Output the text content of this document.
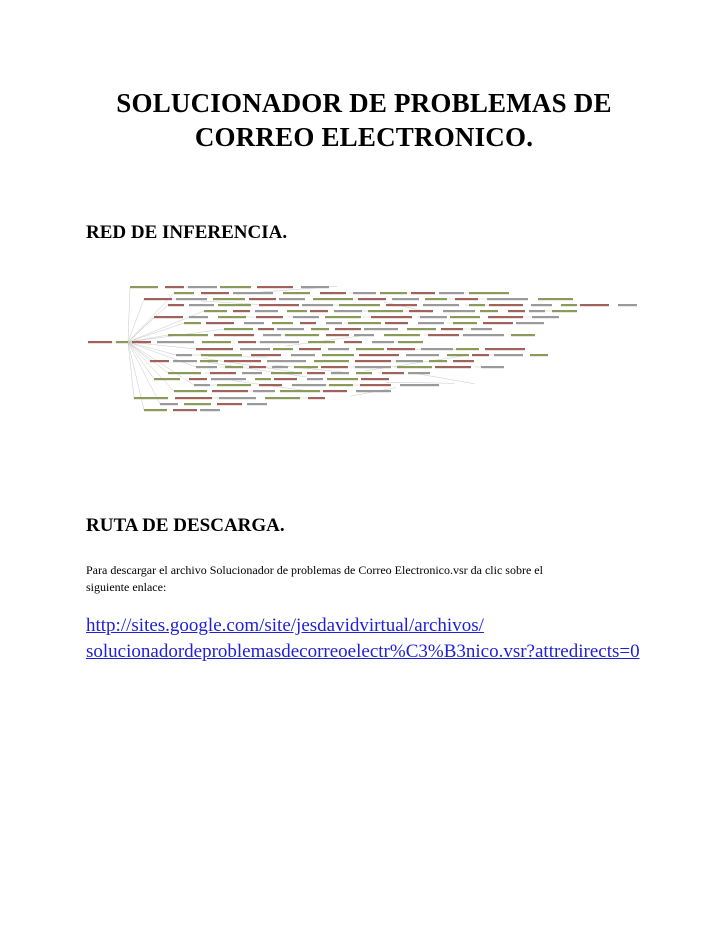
SOLUCIONADOR DE PROBLEMAS DE
CORREO ELECTRONICO.
RED DE INFERENCIA.
RUTA DE DESCARGA.
Para descargar el archivo Solucionador de problemas de Correo Electronico.vsr da clic sobre el
siguiente enlace:
http://sites.google.com/site/jesdavidvirtual/archivos/
solucionadordeproblemasdecorreoelectr%C3%B3nico.vsr?attredirects=0
